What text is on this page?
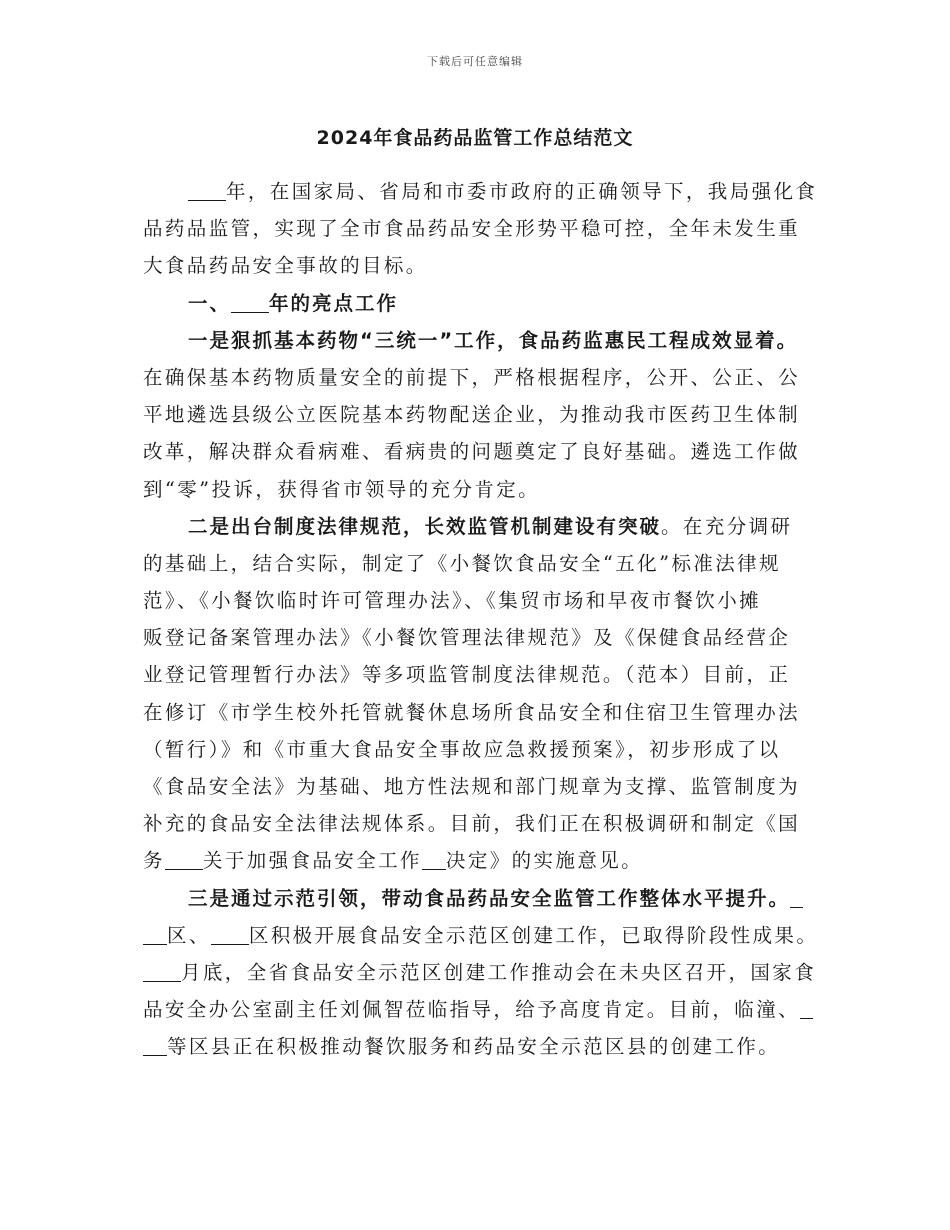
下载后可任意编辑
2024年食品药品监管工作总结范文
年，在国家局、省局和市委市政府的正确领导下，我局强化食
品药品监管，实现了全市食品药品安全形势平稳可控，全年未发生重
大食品药品安全事故的目标。
一、 年的亮点工作
一是狠抓基本药物“三统一”工作，食品药监惠民工程成效显着。
在确保基本药物质量安全的前提下，严格根据程序，公开、公正、公
平地遴选县级公立医院基本药物配送企业，为推动我市医药卫生体制
改革，解决群众看病难、看病贵的问题奠定了良好基础。遴选工作做
到“零”投诉，获得省市领导的充分肯定。
二是出台制度法律规范，长效监管机制建设有突破。在充分调研
的基础上，结合实际，制定了《小餐饮食品安全“五化”标准法律规
范》、《小餐饮临时许可管理办法》、《集贸市场和早夜市餐饮小摊
贩登记备案管理办法》《小餐饮管理法律规范》及《保健食品经营企
业登记管理暂行办法》等多项监管制度法律规范。（范本）目前，正
在修订《市学生校外托管就餐休息场所食品安全和住宿卫生管理办法
（暂行）》和《市重大食品安全事故应急救援预案》，初步形成了以
《食品安全法》为基础、地方性法规和部门规章为支撑、监管制度为
补充的食品安全法律法规体系。目前，我们正在积极调研和制定《国
务 关于加强食品安全工作 决定》的实施意见。
三是通过示范引领，带动食品药品安全监管工作整体水平提升。
区、 区积极开展食品安全示范区创建工作，已取得阶段性成果。
月底，全省食品安全示范区创建工作推动会在未央区召开，国家食
品安全办公室副主任刘佩智莅临指导，给予高度肯定。目前，临潼、
等区县正在积极推动餐饮服务和药品安全示范区县的创建工作。
